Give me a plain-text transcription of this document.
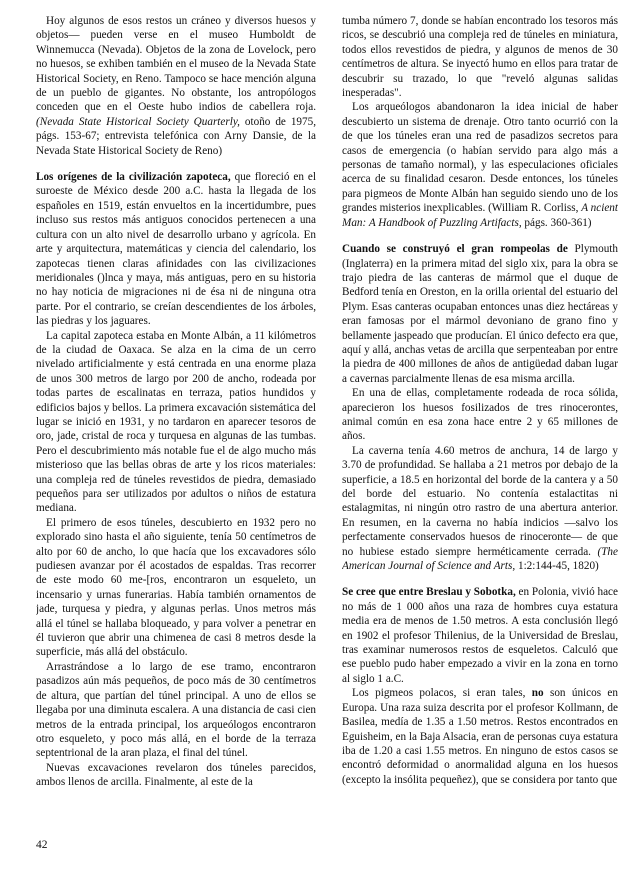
Hoy algunos de esos restos un cráneo y diversos huesos y objetos— pueden verse en el museo Humboldt de Winnemucca (Nevada). Objetos de la zona de Lovelock, pero no huesos, se exhiben también en el museo de la Nevada State Historical Society, en Reno. Tampoco se hace mención alguna de un pueblo de gigantes. No obstante, los antropólogos conceden que en el Oeste hubo indios de cabellera roja. (Nevada State Historical Society Quarterly, otoño de 1975, págs. 153-67; entrevista telefónica con Arny Dansie, de la Nevada State Historical Society de Reno)

Los orígenes de la civilización zapoteca, que floreció en el suroeste de México desde 200 a.C. hasta la llegada de los españoles en 1519, están envueltos en la incertidumbre, pues incluso sus restos más antiguos conocidos pertenecen a una cultura con un alto nivel de desarrollo urbano y agrícola. En arte y arquitectura, matemáticas y ciencia del calendario, los zapotecas tienen claras afinidades con las civilizaciones meridionales ()lnca y maya, más antiguas, pero en su historia no hay noticia de migraciones ni de ésa ni de ninguna otra parte. Por el contrario, se creían descendientes de los árboles, las piedras y los jaguares.

La capital zapoteca estaba en Monte Albán, a 11 kilómetros de la ciudad de Oaxaca. Se alza en la cima de un cerro nivelado artificialmente y está centrada en una enorme plaza de unos 300 metros de largo por 200 de ancho, rodeada por todas partes de escalinatas en terraza, patios hundidos y edificios bajos y bellos. La primera excavación sistemática del lugar se inició en 1931, y no tardaron en aparecer tesoros de oro, jade, cristal de roca y turquesa en algunas de las tumbas. Pero el descubrimiento más notable fue el de algo mucho más misterioso que las bellas obras de arte y los ricos materiales: una compleja red de túneles revestidos de piedra, demasiado pequeños para ser utilizados por adultos o niños de estatura mediana.

El primero de esos túneles, descubierto en 1932 pero no explorado sino hasta el año siguiente, tenía 50 centímetros de alto por 60 de ancho, lo que hacía que los excavadores sólo pudiesen avanzar por él acostados de espaldas. Tras recorrer de este modo 60 me-[ros, encontraron un esqueleto, un incensario y urnas funerarias. Había también ornamentos de jade, turquesa y piedra, y algunas perlas. Unos metros más allá el túnel se hallaba bloqueado, y para volver a penetrar en él tuvieron que abrir una chimenea de casi 8 metros desde la superficie, más allá del obstáculo.

Arrastrándose a lo largo de ese tramo, encontraron pasadizos aún más pequeños, de poco más de 30 centímetros de altura, que partían del túnel principal. A uno de ellos se llegaba por una diminuta escalera. A una distancia de casi cien metros de la entrada principal, los arqueólogos encontraron otro esqueleto, y poco más allá, en el borde de la terraza septentrional de la aran plaza, el final del túnel.

Nuevas excavaciones revelaron dos túneles parecidos, ambos llenos de arcilla. Finalmente, al este de la

tumba número 7, donde se habían encontrado los tesoros más ricos, se descubrió una compleja red de túneles en miniatura, todos ellos revestidos de piedra, y algunos de menos de 30 centímetros de altura. Se inyectó humo en ellos para tratar de descubrir su trazado, lo que "reveló algunas salidas inesperadas".

Los arqueólogos abandonaron la idea inicial de haber descubierto un sistema de drenaje. Otro tanto ocurrió con la de que los túneles eran una red de pasadizos secretos para casos de emergencia (o habían servido para algo más a personas de tamaño normal), y las especulaciones oficiales acerca de su finalidad cesaron. Desde entonces, los túneles para pigmeos de Monte Albán han seguido siendo uno de los grandes misterios inexplicables. (William R. Corliss, A ncient Man: A Handbook of Puzzling Artifacts, págs. 360-361)

Cuando se construyó el gran rompeolas de Plymouth (Inglaterra) en la primera mitad del siglo xix, para la obra se trajo piedra de las canteras de mármol que el duque de Bedford tenía en Oreston, en la orilla oriental del estuario del Plym. Esas canteras ocupaban entonces unas diez hectáreas y eran famosas por el mármol devoniano de grano fino y bellamente jaspeado que producían. El único defecto era que, aquí y allá, anchas vetas de arcilla que serpenteaban por entre la piedra de 400 millones de años de antigüedad daban lugar a cavernas parcialmente llenas de esa misma arcilla.

En una de ellas, completamente rodeada de roca sólida, aparecieron los huesos fosilizados de tres rinocerontes, animal común en esa zona hace entre 2 y 65 millones de años.

La caverna tenía 4.60 metros de anchura, 14 de largo y 3.70 de profundidad. Se hallaba a 21 metros por debajo de la superficie, a 18.5 en horizontal del borde de la cantera y a 50 del borde del estuario. No contenía estalactitas ni estalagmitas, ni ningún otro rastro de una abertura anterior. En resumen, en la caverna no había indicios —salvo los perfectamente conservados huesos de rinoceronte— de que no hubiese estado siempre herméticamente cerrada. (The American Journal of Science and Arts, 1:2:144-45, 1820)

Se cree que entre Breslau y Sobotka, en Polonia, vivió hace no más de 1 000 años una raza de hombres cuya estatura media era de menos de 1.50 metros. A esta conclusión llegó en 1902 el profesor Thilenius, de la Universidad de Breslau, tras examinar numerosos restos de esqueletos. Calculó que ese pueblo pudo haber empezado a vivir en la zona en torno al siglo 1 a.C.

Los pigmeos polacos, si eran tales, no son únicos en Europa. Una raza suiza descrita por el profesor Kollmann, de Basilea, medía de 1.35 a 1.50 metros. Restos encontrados en Eguisheim, en la Baja Alsacia, eran de personas cuya estatura iba de 1.20 a casi 1.55 metros. En ninguno de estos casos se encontró deformidad o anormalidad alguna en los huesos (excepto la insólita pequeñez), que se considera por tanto que

42
